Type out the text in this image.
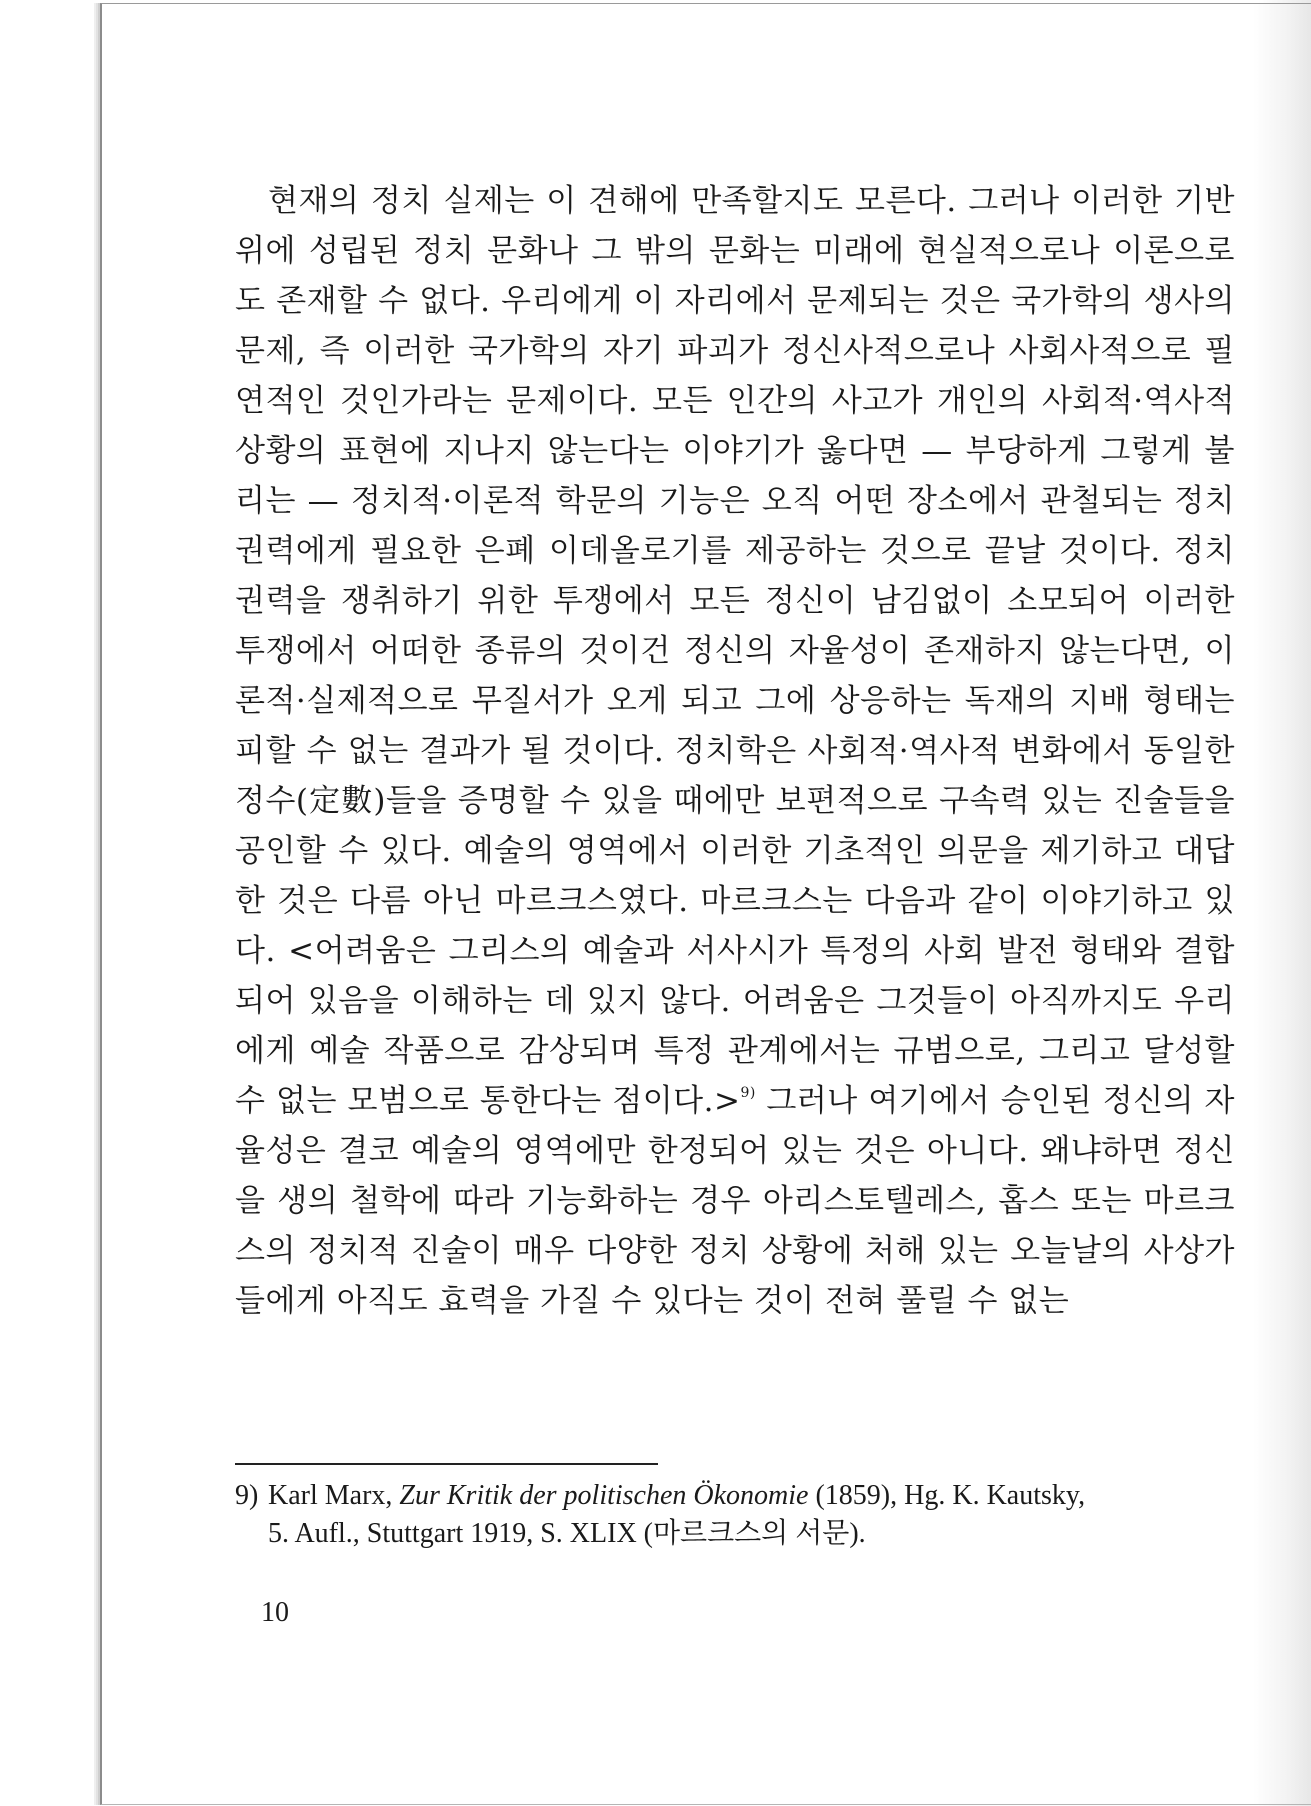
현재의 정치 실제는 이 견해에 만족할지도 모른다. 그러나 이러한 기반 위에 성립된 정치 문화나 그 밖의 문화는 미래에 현실적으로나 이론으로도 존재할 수 없다. 우리에게 이 자리에서 문제되는 것은 국가학의 생사의 문제, 즉 이러한 국가학의 자기 파괴가 정신사적으로나 사회사적으로 필연적인 것인가라는 문제이다. 모든 인간의 사고가 개인의 사회적·역사적 상황의 표현에 지나지 않는다는 이야기가 옳다면 — 부당하게 그렇게 불리는 — 정치적·이론적 학문의 기능은 오직 어떤 장소에서 관철되는 정치 권력에게 필요한 은폐 이데올로기를 제공하는 것으로 끝날 것이다. 정치 권력을 쟁취하기 위한 투쟁에서 모든 정신이 남김없이 소모되어 이러한 투쟁에서 어떠한 종류의 것이건 정신의 자율성이 존재하지 않는다면, 이론적·실제적으로 무질서가 오게 되고 그에 상응하는 독재의 지배 형태는 피할 수 없는 결과가 될 것이다. 정치학은 사회적·역사적 변화에서 동일한 정수(定數)들을 증명할 수 있을 때에만 보편적으로 구속력 있는 진술들을 공인할 수 있다. 예술의 영역에서 이러한 기초적인 의문을 제기하고 대답한 것은 다름 아닌 마르크스였다. 마르크스는 다음과 같이 이야기하고 있다. <어려움은 그리스의 예술과 서사시가 특정의 사회 발전 형태와 결합되어 있음을 이해하는 데 있지 않다. 어려움은 그것들이 아직까지도 우리에게 예술 작품으로 감상되며 특정 관계에서는 규범으로, 그리고 달성할 수 없는 모범으로 통한다는 점이다.>$^{9)}$ 그러나 여기에서 승인된 정신의 자율성은 결코 예술의 영역에만 한정되어 있는 것은 아니다. 왜냐하면 정신을 생의 철학에 따라 기능화하는 경우 아리스토텔레스, 홉스 또는 마르크스의 정치적 진술이 매우 다양한 정치 상황에 처해 있는 오늘날의 사상가들에게 아직도 효력을 가질 수 있다는 것이 전혀 풀릴 수 없는

9) Karl Marx, Zur Kritik der politischen Ökonomie (1859), Hg. K. Kautsky,
5. Aufl., Stuttgart 1919, S. XLIX (마르크스의 서문).
10
